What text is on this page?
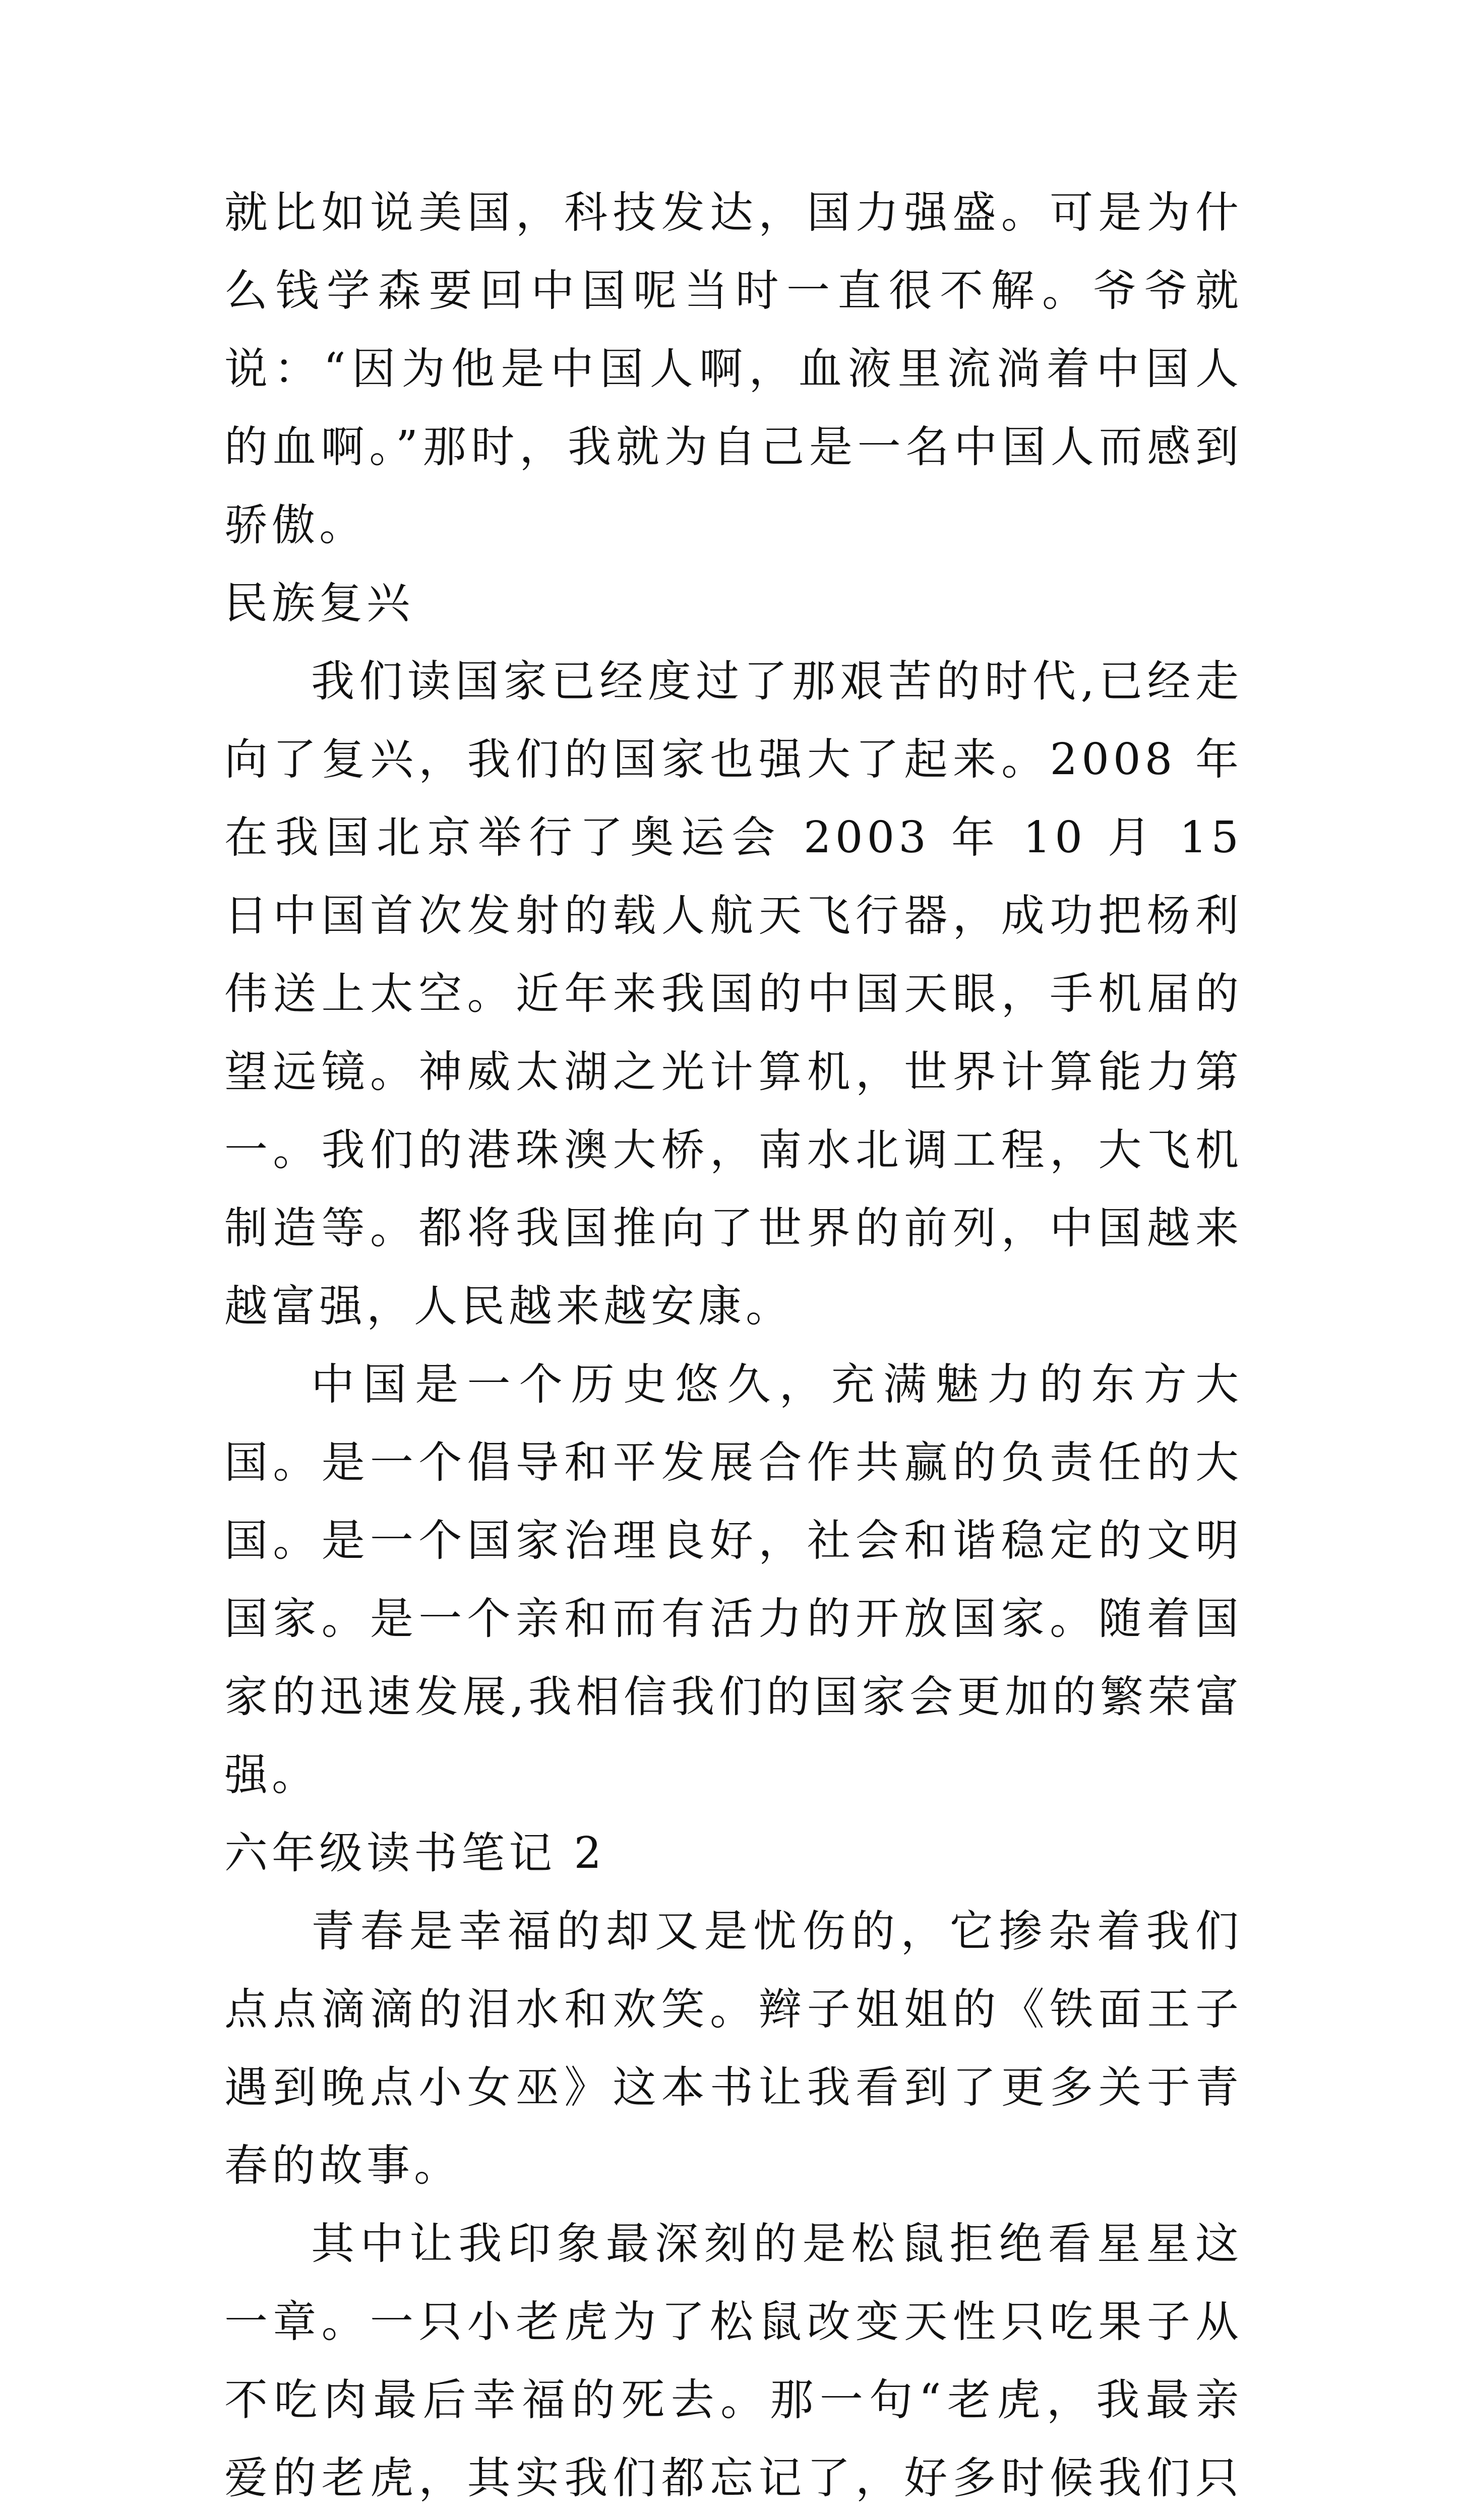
就比如说美国，科技发达，国力强盛。可是为什么钱学森要回中国呢当时一直很不解。爷爷就说：“因为他是中国人啊，血液里流淌着中国人的血啊。”那时，我就为自己是一名中国人而感到骄傲。

民族复兴

我们读国家已经度过了那艰苦的时代,已经走向了复兴，我们的国家也强大了起来。2008 年在我国北京举行了奥运会 2003 年 10 月 15 日中国首次发射的载人航天飞行器，成功把杨利伟送上太空。近年来我国的中国天眼，手机届的望远镜。神威太湖之光计算机，世界计算能力第一。我们的港珠澳大桥，南水北调工程，大飞机制造等。都将我国推向了世界的前列，中国越来越富强，人民越来越安康。

中国是一个历史悠久，充满魅力的东方大国。是一个倡导和平发展合作共赢的负责任的大国。是一个国家治理良好，社会和谐稳定的文明国家。是一个亲和而有活力的开放国家。随着国家的迅速发展,我相信我们的国家会更加的繁荣富强。

六年级读书笔记 2

青春是幸福的却又是忧伤的，它掺杂着我们点点滴滴的泪水和欢笑。辫子姐姐的《铁面王子遇到晚点小女巫》这本书让我看到了更多关于青春的故事。

其中让我印象最深刻的是松鼠拒绝看星星这一章。一只小老虎为了松鼠改变天性只吃果子从不吃肉最后幸福的死去。那一句“老虎，我最亲爱的老虎，其实我们都忘记了，好多时候我们只
